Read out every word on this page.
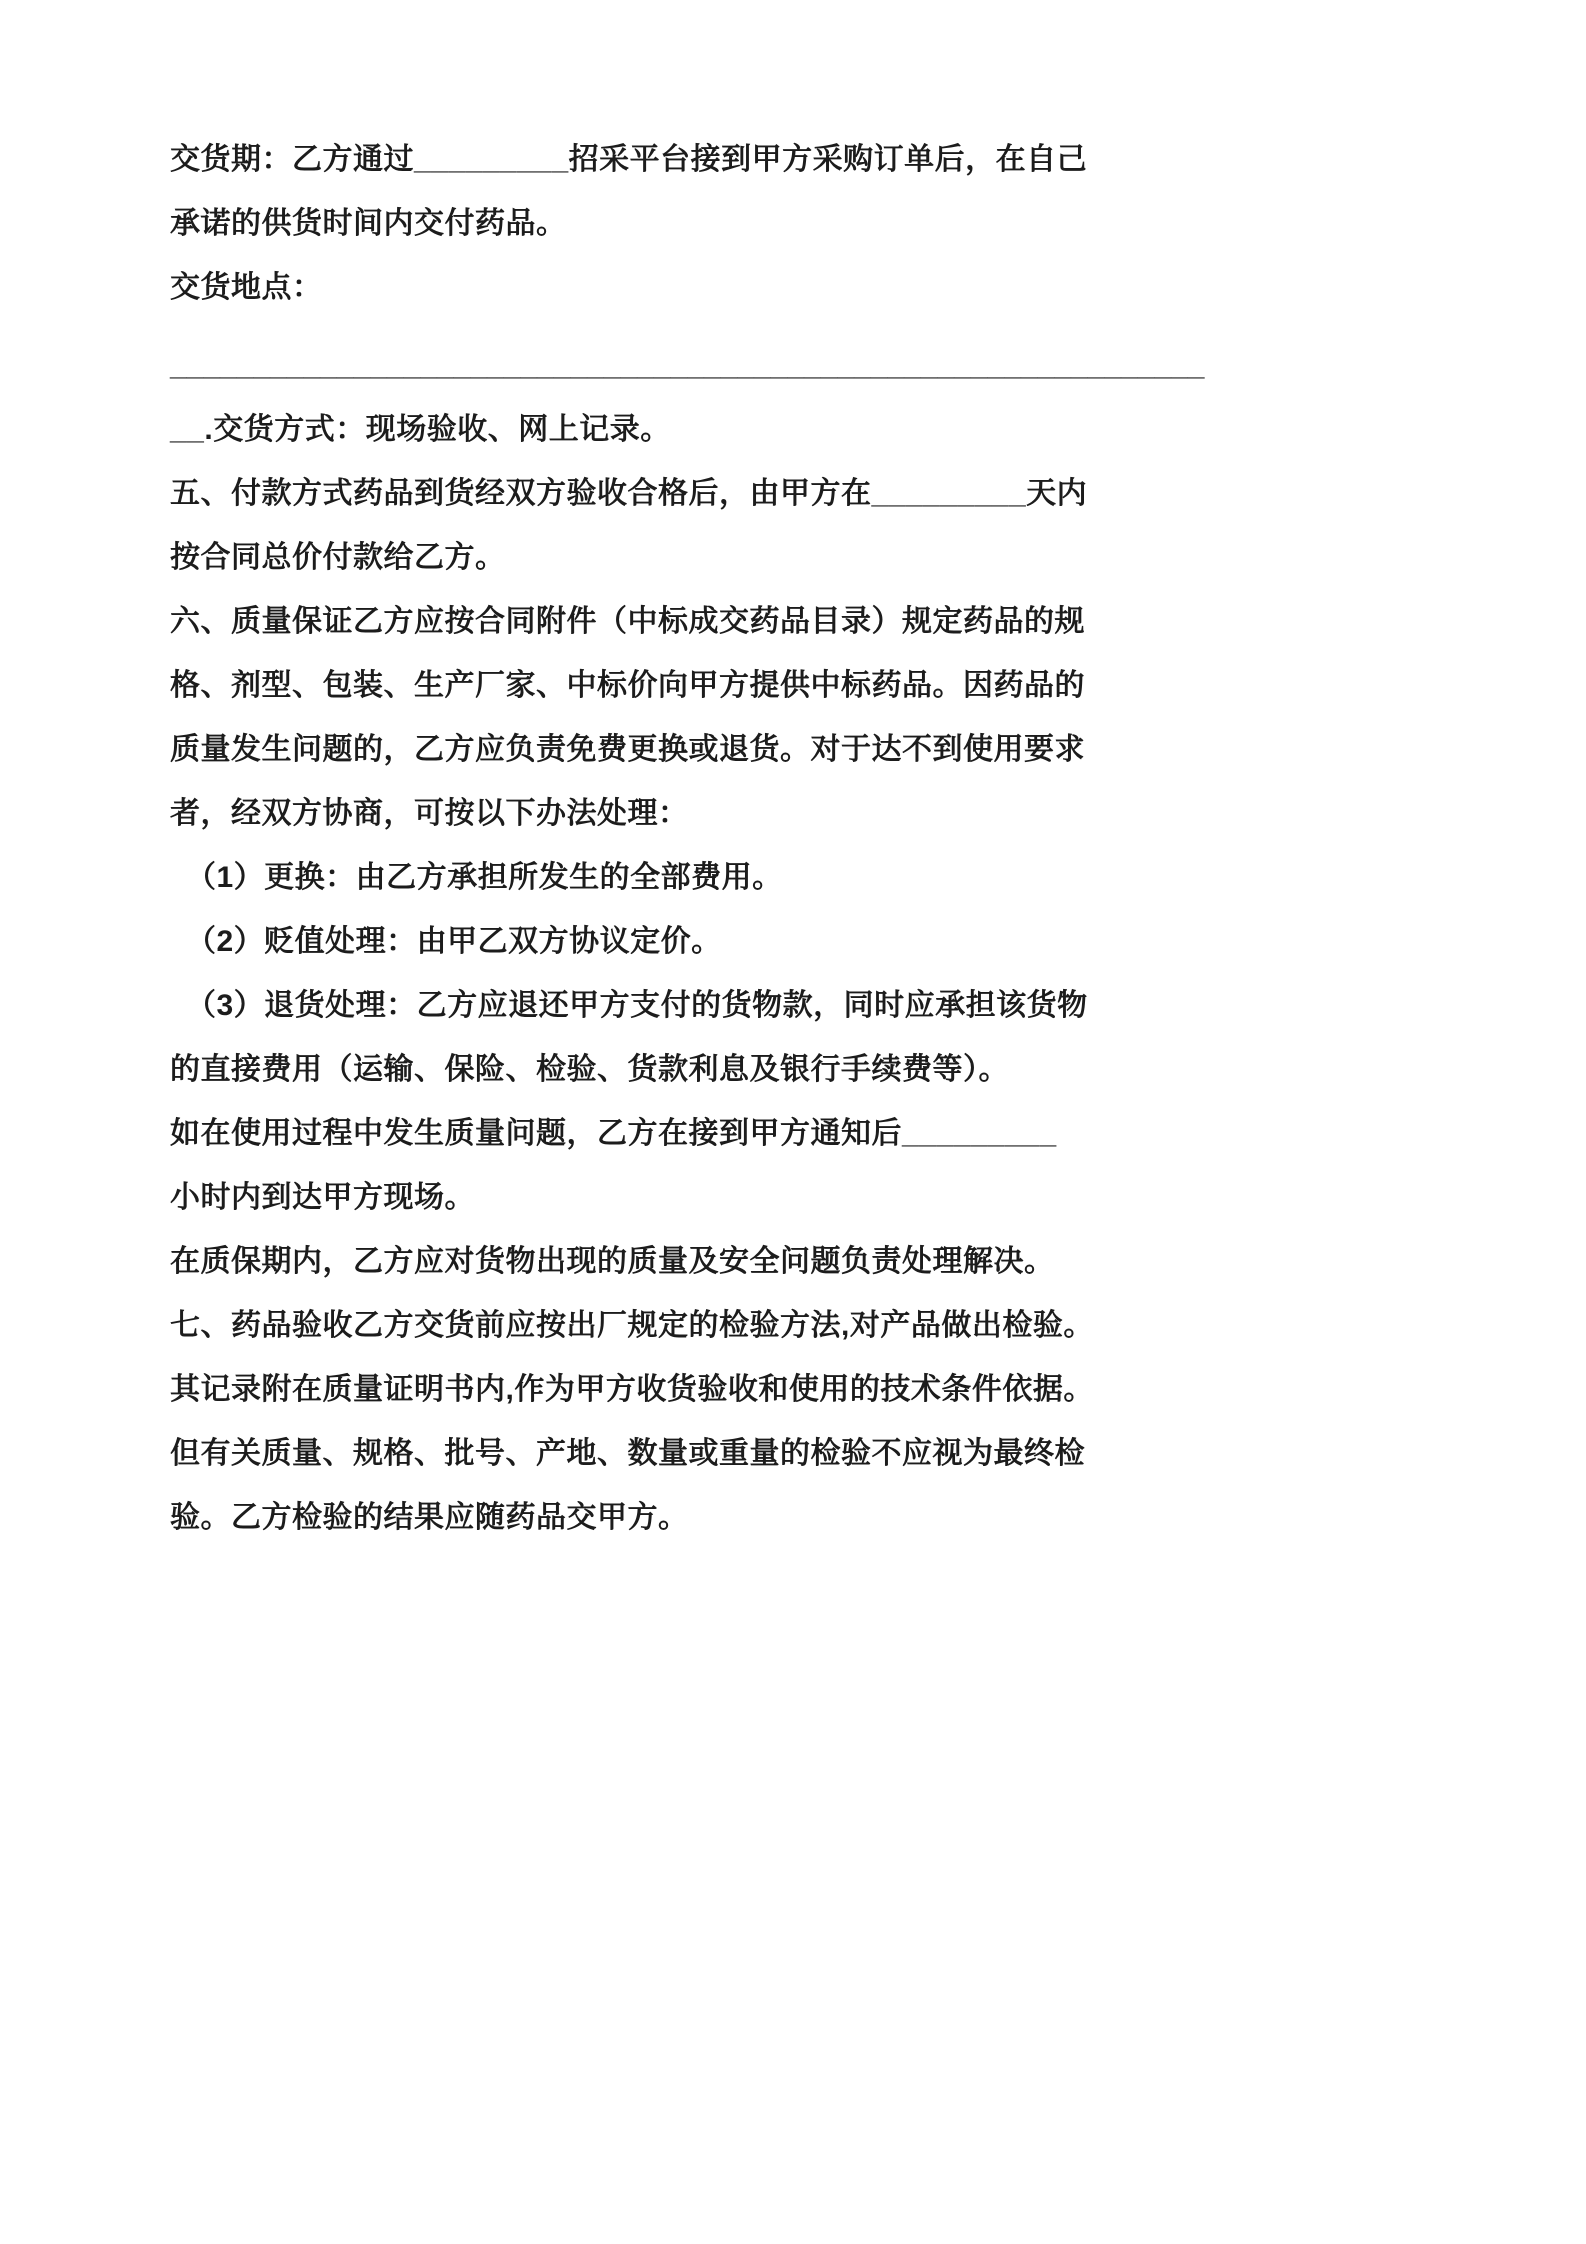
交货期：乙方通过_________招采平台接到甲方采购订单后，在自己
承诺的供货时间内交付药品。
交货地点：
______________________________________________________________
__.交货方式：现场验收、网上记录。
五、付款方式药品到货经双方验收合格后，由甲方在_________天内
按合同总价付款给乙方。
六、质量保证乙方应按合同附件（中标成交药品目录）规定药品的规
格、剂型、包装、生产厂家、中标价向甲方提供中标药品。因药品的
质量发生问题的，乙方应负责免费更换或退货。对于达不到使用要求
者，经双方协商，可按以下办法处理：
（1）更换：由乙方承担所发生的全部费用。
（2）贬值处理：由甲乙双方协议定价。
（3）退货处理：乙方应退还甲方支付的货物款，同时应承担该货物
的直接费用（运输、保险、检验、货款利息及银行手续费等）。
如在使用过程中发生质量问题，乙方在接到甲方通知后_________
小时内到达甲方现场。
在质保期内，乙方应对货物出现的质量及安全问题负责处理解决。
七、药品验收乙方交货前应按出厂规定的检验方法,对产品做出检验。
其记录附在质量证明书内,作为甲方收货验收和使用的技术条件依据。
但有关质量、规格、批号、产地、数量或重量的检验不应视为最终检
验。乙方检验的结果应随药品交甲方。
